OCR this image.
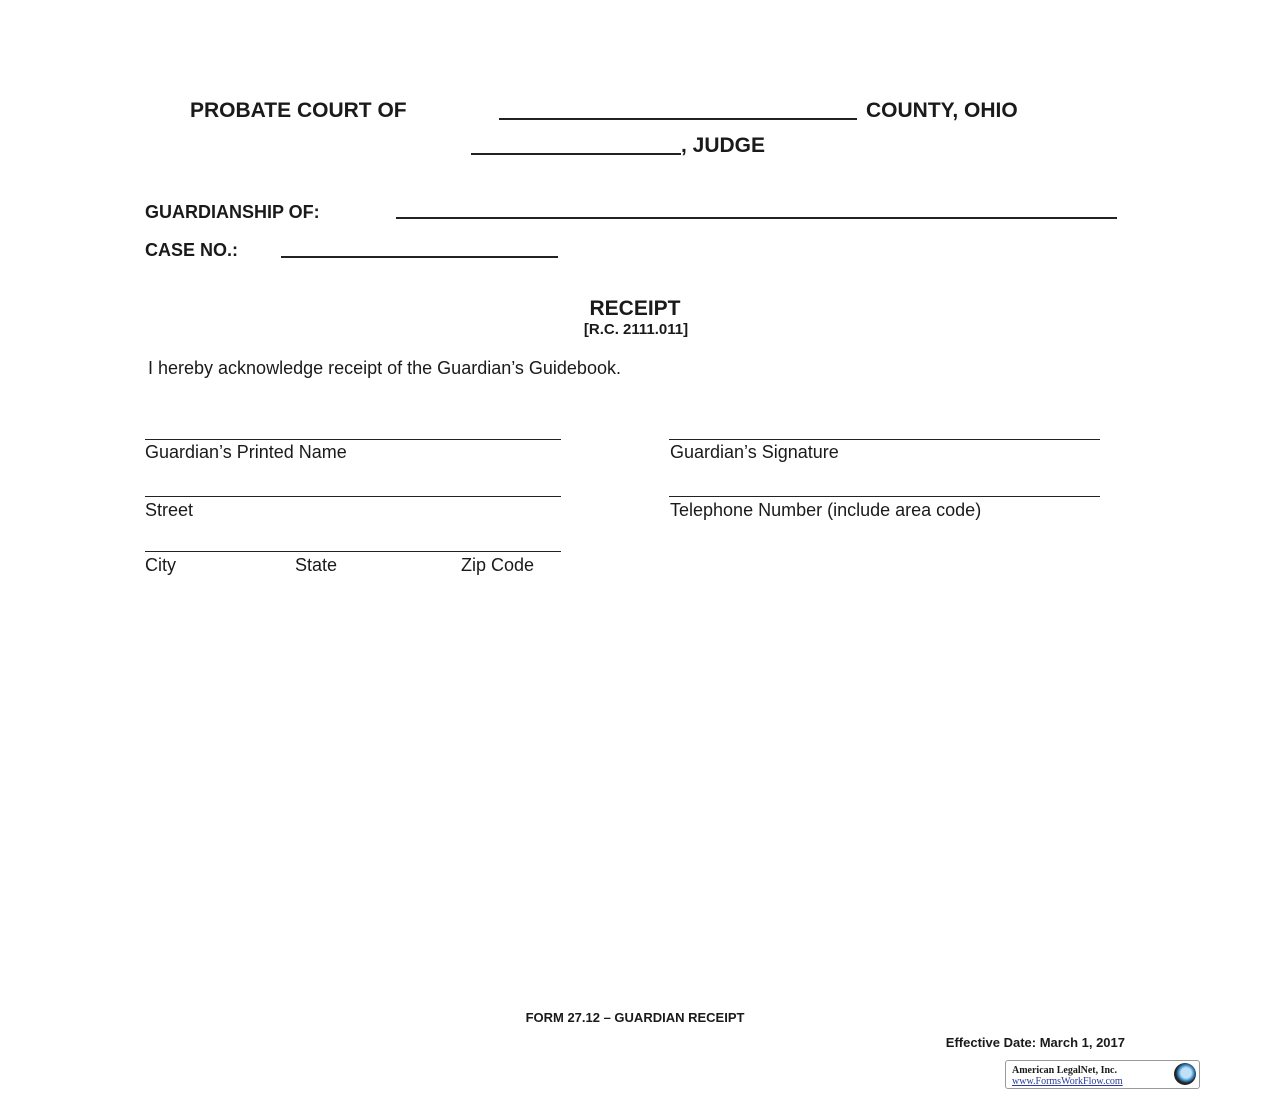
PROBATE COURT OF	COUNTY, OHIO
, JUDGE
GUARDIANSHIP OF:
CASE NO.:
RECEIPT
[R.C. 2111.011]
I hereby acknowledge receipt of the Guardian’s Guidebook.
Guardian’s Printed Name	Guardian’s Signature
Street	Telephone Number (include area code)
City	State	Zip Code
FORM 27.12 – GUARDIAN RECEIPT
Effective Date: March 1, 2017
American LegalNet, Inc.
www.FormsWorkFlow.com
